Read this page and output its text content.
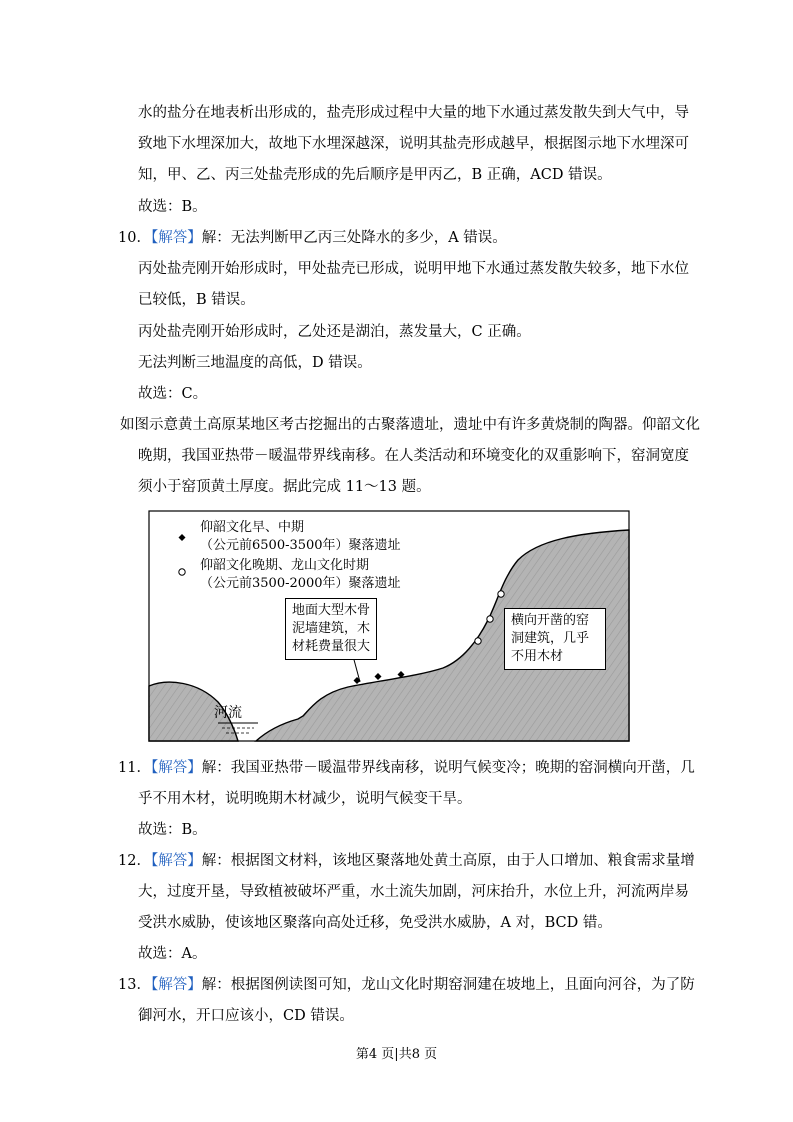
水的盐分在地表析出形成的，盐壳形成过程中大量的地下水通过蒸发散失到大气中，导
致地下水埋深加大，故地下水埋深越深，说明其盐壳形成越早，根据图示地下水埋深可
知，甲、乙、丙三处盐壳形成的先后顺序是甲丙乙，B 正确，ACD 错误。
故选：B。
10．【解答】解：无法判断甲乙丙三处降水的多少，A 错误。
丙处盐壳刚开始形成时，甲处盐壳已形成，说明甲地下水通过蒸发散失较多，地下水位
已较低，B 错误。
丙处盐壳刚开始形成时，乙处还是湖泊，蒸发量大，C 正确。
无法判断三地温度的高低，D 错误。
故选：C。
如图示意黄土高原某地区考古挖掘出的古聚落遗址，遗址中有许多黄烧制的陶器。仰韶文化
晚期，我国亚热带－暖温带界线南移。在人类活动和环境变化的双重影响下，窑洞宽度
须小于窑顶黄土厚度。据此完成 11～13 题。
仰韶文化早、中期
（公元前6500-3500年）聚落遗址
仰韶文化晚期、龙山文化时期
（公元前3500-2000年）聚落遗址
地面大型木骨
泥墙建筑，木
材耗费量很大
横向开凿的窑
洞建筑，几乎
不用木材
河流
11．【解答】解：我国亚热带－暖温带界线南移，说明气候变冷；晚期的窑洞横向开凿，几
乎不用木材，说明晚期木材减少，说明气候变干旱。
故选：B。
12．【解答】解：根据图文材料，该地区聚落地处黄土高原，由于人口增加、粮食需求量增
大，过度开垦，导致植被破坏严重，水土流失加剧，河床抬升，水位上升，河流两岸易
受洪水威胁，使该地区聚落向高处迁移，免受洪水威胁，A 对，BCD 错。
故选：A。
13．【解答】解：根据图例读图可知，龙山文化时期窑洞建在坡地上，且面向河谷，为了防
御河水，开口应该小，CD 错误。
第4 页|共8 页
